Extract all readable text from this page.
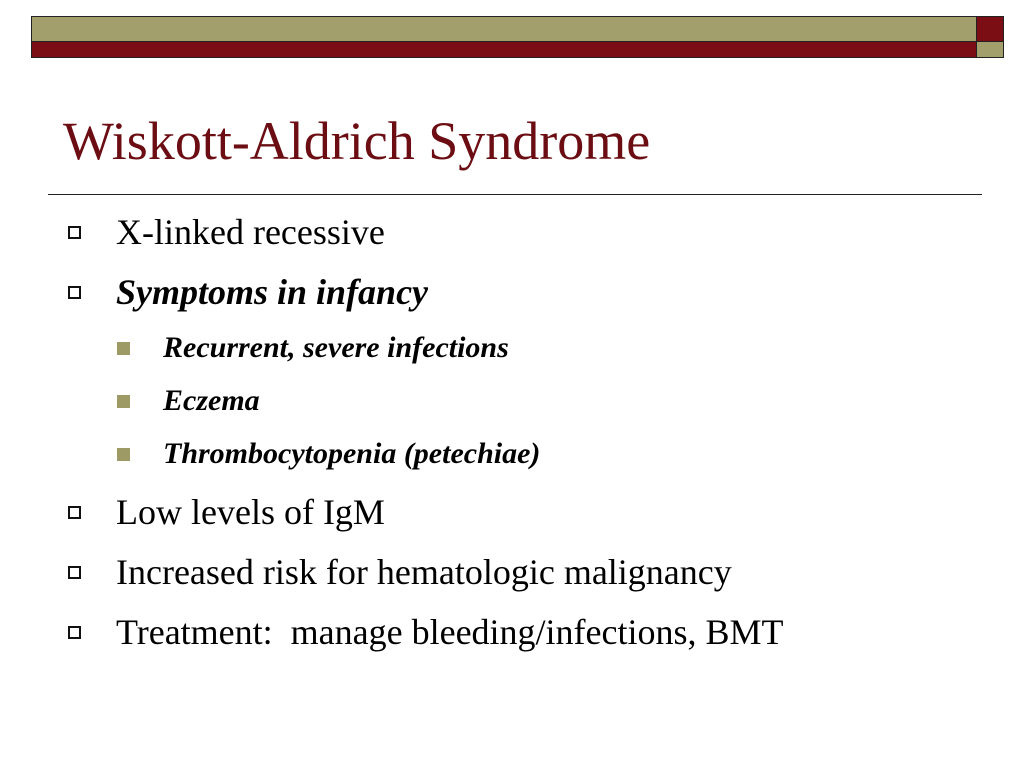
Wiskott-Aldrich Syndrome
X-linked recessive
Symptoms in infancy
Recurrent, severe infections
Eczema
Thrombocytopenia (petechiae)
Low levels of IgM
Increased risk for hematologic malignancy
Treatment:  manage bleeding/infections, BMT
